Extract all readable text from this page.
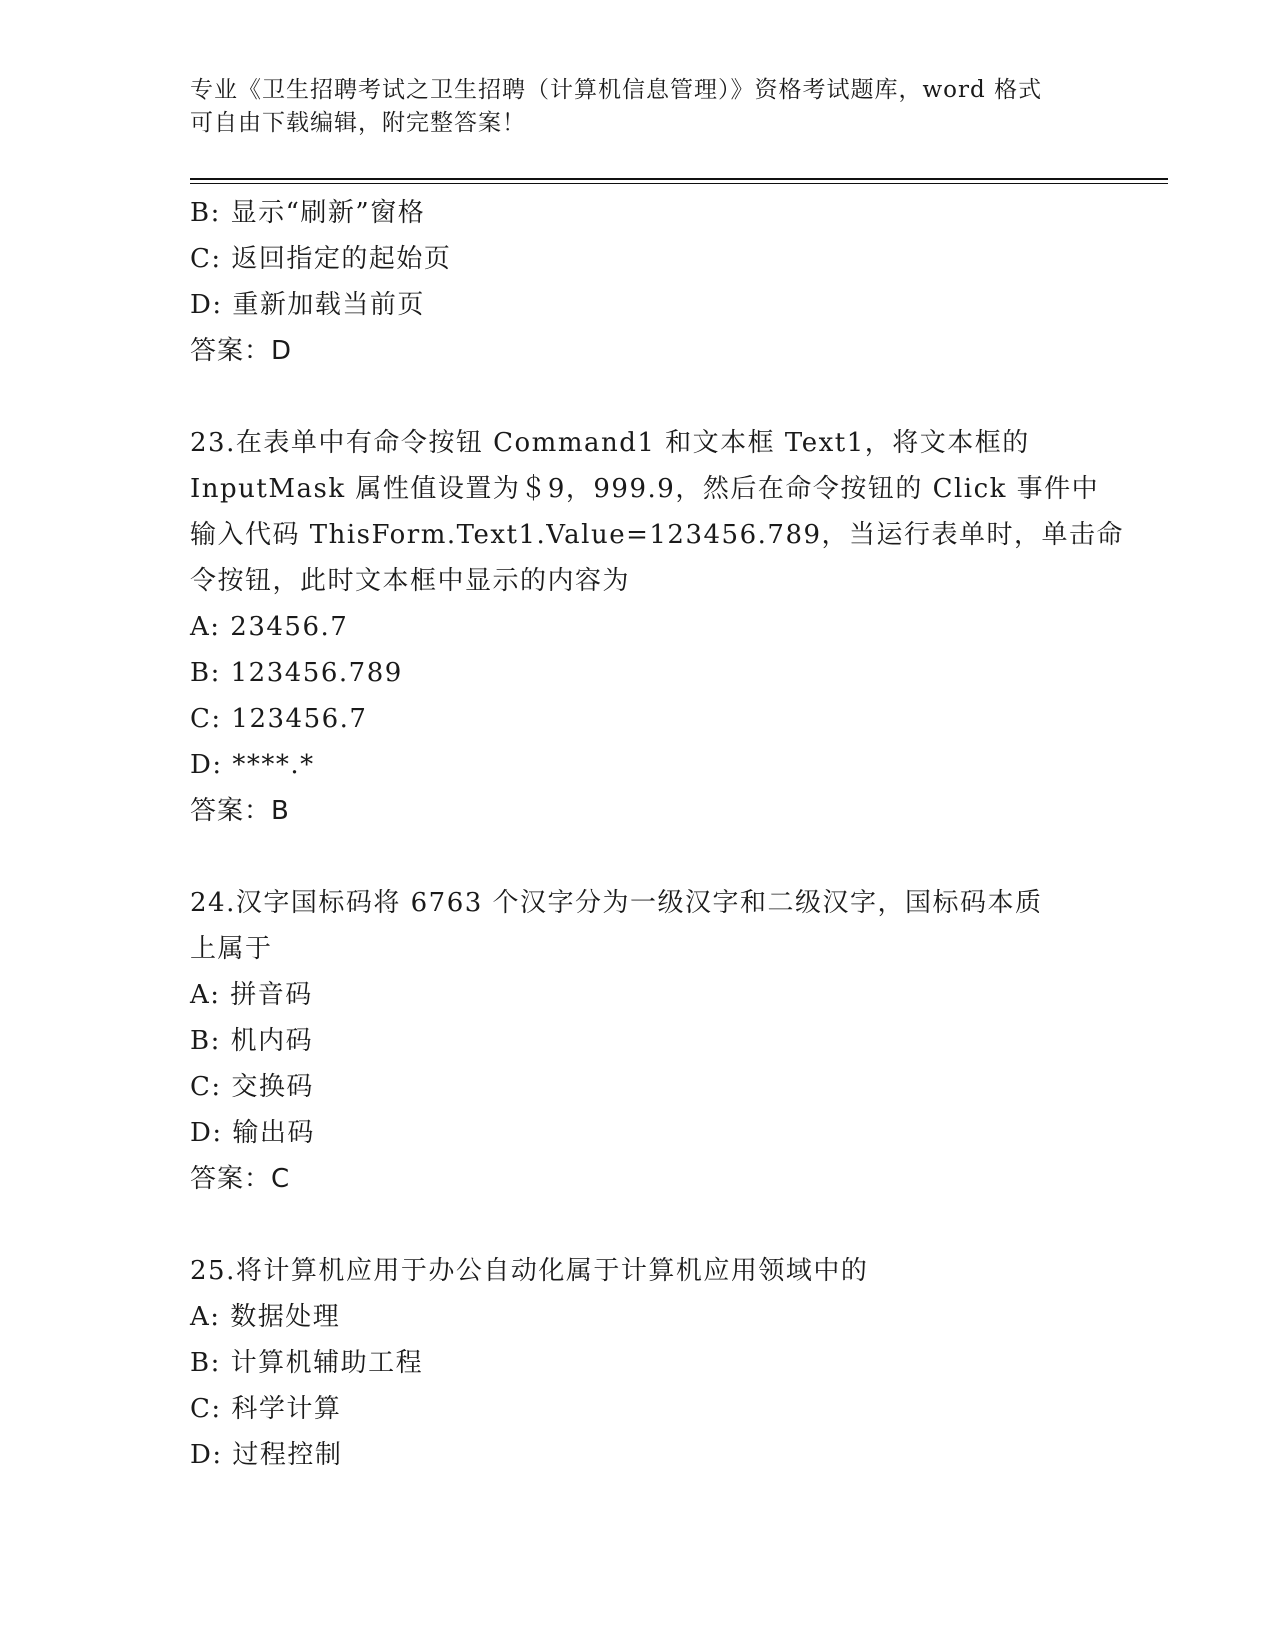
专业《卫生招聘考试之卫生招聘（计算机信息管理）》资格考试题库，word 格式
可自由下载编辑，附完整答案！
B: 显示“刷新”窗格
C: 返回指定的起始页
D: 重新加载当前页
答案：D
23.在表单中有命令按钮 Command1 和文本框 Text1，将文本框的
InputMask 属性值设置为＄9，999.9，然后在命令按钮的 Click 事件中
输入代码 ThisForm.Text1.Value=123456.789，当运行表单时，单击命
令按钮，此时文本框中显示的内容为
A: 23456.7
B: 123456.789
C: 123456.7
D: ****.*
答案：B
24.汉字国标码将 6763 个汉字分为一级汉字和二级汉字，国标码本质
上属于
A: 拼音码
B: 机内码
C: 交换码
D: 输出码
答案：C
25.将计算机应用于办公自动化属于计算机应用领域中的
A: 数据处理
B: 计算机辅助工程
C: 科学计算
D: 过程控制
